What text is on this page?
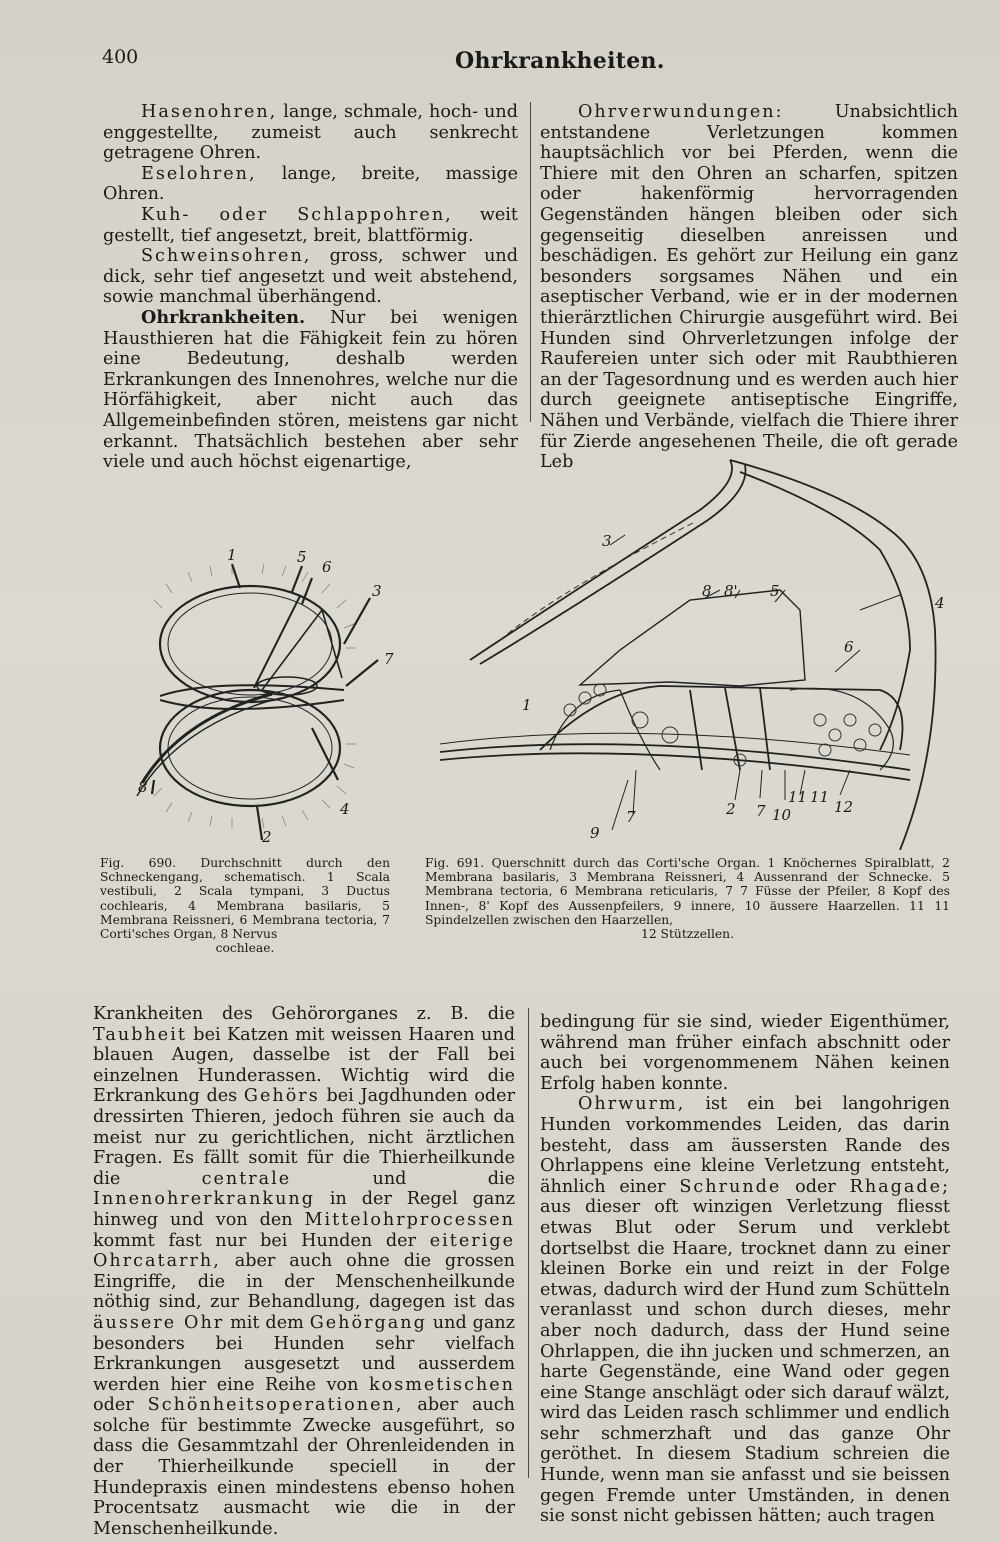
400	Ohrkrankheiten.

Hasenohren, lange, schmale, hoch- und enggestellte, zumeist auch senkrecht getragene Ohren.

Eselohren, lange, breite, massige Ohren.

Kuh- oder Schlappohren, weit gestellt, tief angesetzt, breit, blattförmig.

Schweinsohren, gross, schwer und dick, sehr tief angesetzt und weit abstehend, sowie manchmal überhängend.

Ohrkrankheiten. Nur bei wenigen Hausthieren hat die Fähigkeit fein zu hören eine Bedeutung, deshalb werden Erkrankungen des Innenohres, welche nur die Hörfähigkeit, aber nicht auch das Allgemeinbefinden stören, meistens gar nicht erkannt. Thatsächlich bestehen aber sehr viele und auch höchst eigenartige,

Ohrverwundungen: Unabsichtlich entstandene Verletzungen kommen hauptsächlich vor bei Pferden, wenn die Thiere mit den Ohren an scharfen, spitzen oder hakenförmig hervorragenden Gegenständen hängen bleiben oder sich gegenseitig dieselben anreissen und beschädigen. Es gehört zur Heilung ein ganz besonders sorgsames Nähen und ein aseptischer Verband, wie er in der modernen thierärztlichen Chirurgie ausgeführt wird. Bei Hunden sind Ohrverletzungen infolge der Raufereien unter sich oder mit Raubthieren an der Tagesordnung und es werden auch hier durch geeignete antiseptische Eingriffe, Nähen und Verbände, vielfach die Thiere ihrer für Zierde angesehenen Theile, die oft gerade Leb

1	5
6
3
7
8
4
2
3
8 8' 5
4
6
1
2 7 10
11 11
12
9
7
Fig. 690. Durchschnitt durch den Schneckengang, schematisch. 1 Scala vestibuli, 2 Scala tympani, 3 Ductus cochlearis, 4 Membrana basilaris, 5 Membrana Reissneri, 6 Membrana tectoria, 7 Corti'sches Organ, 8 Nervus
cochleae.
Fig. 691. Querschnitt durch das Corti'sche Organ. 1 Knöchernes Spiralblatt, 2 Membrana basilaris, 3 Membrana Reissneri, 4 Aussenrand der Schnecke. 5 Membrana tectoria, 6 Membrana reticularis, 7 7 Füsse der Pfeiler, 8 Kopf des Innen-, 8' Kopf des Aussenpfeilers, 9 innere, 10 äussere Haarzellen. 11 11 Spindelzellen zwischen den Haarzellen,
12 Stützzellen.

Krankheiten des Gehörorganes z. B. die Taubheit bei Katzen mit weissen Haaren und blauen Augen, dasselbe ist der Fall bei einzelnen Hunderassen. Wichtig wird die Erkrankung des Gehörs bei Jagdhunden oder dressirten Thieren, jedoch führen sie auch da meist nur zu gerichtlichen, nicht ärztlichen Fragen. Es fällt somit für die Thierheilkunde die centrale und die Innenohrerkrankung in der Regel ganz hinweg und von den Mittelohrprocessen kommt fast nur bei Hunden der eiterige Ohrcatarrh, aber auch ohne die grossen Eingriffe, die in der Menschenheilkunde nöthig sind, zur Behandlung, dagegen ist das äussere Ohr mit dem Gehörgang und ganz besonders bei Hunden sehr vielfach Erkrankungen ausgesetzt und ausserdem werden hier eine Reihe von kosmetischen oder Schönheitsoperationen, aber auch solche für bestimmte Zwecke ausgeführt, so dass die Gesammtzahl der Ohrenleidenden in der Thierheilkunde speciell in der Hundepraxis einen mindestens ebenso hohen Procentsatz ausmacht wie die in der Menschenheilkunde.

bedingung für sie sind, wieder Eigenthümer, während man früher einfach abschnitt oder auch bei vorgenommenem Nähen keinen Erfolg haben konnte.

Ohrwurm, ist ein bei langohrigen Hunden vorkommendes Leiden, das darin besteht, dass am äussersten Rande des Ohrlappens eine kleine Verletzung entsteht, ähnlich einer Schrunde oder Rhagade; aus dieser oft winzigen Verletzung fliesst etwas Blut oder Serum und verklebt dortselbst die Haare, trocknet dann zu einer kleinen Borke ein und reizt in der Folge etwas, dadurch wird der Hund zum Schütteln veranlasst und schon durch dieses, mehr aber noch dadurch, dass der Hund seine Ohrlappen, die ihn jucken und schmerzen, an harte Gegenstände, eine Wand oder gegen eine Stange anschlägt oder sich darauf wälzt, wird das Leiden rasch schlimmer und endlich sehr schmerzhaft und das ganze Ohr geröthet. In diesem Stadium schreien die Hunde, wenn man sie anfasst und sie beissen gegen Fremde unter Umständen, in denen sie sonst nicht gebissen hätten; auch tragen
